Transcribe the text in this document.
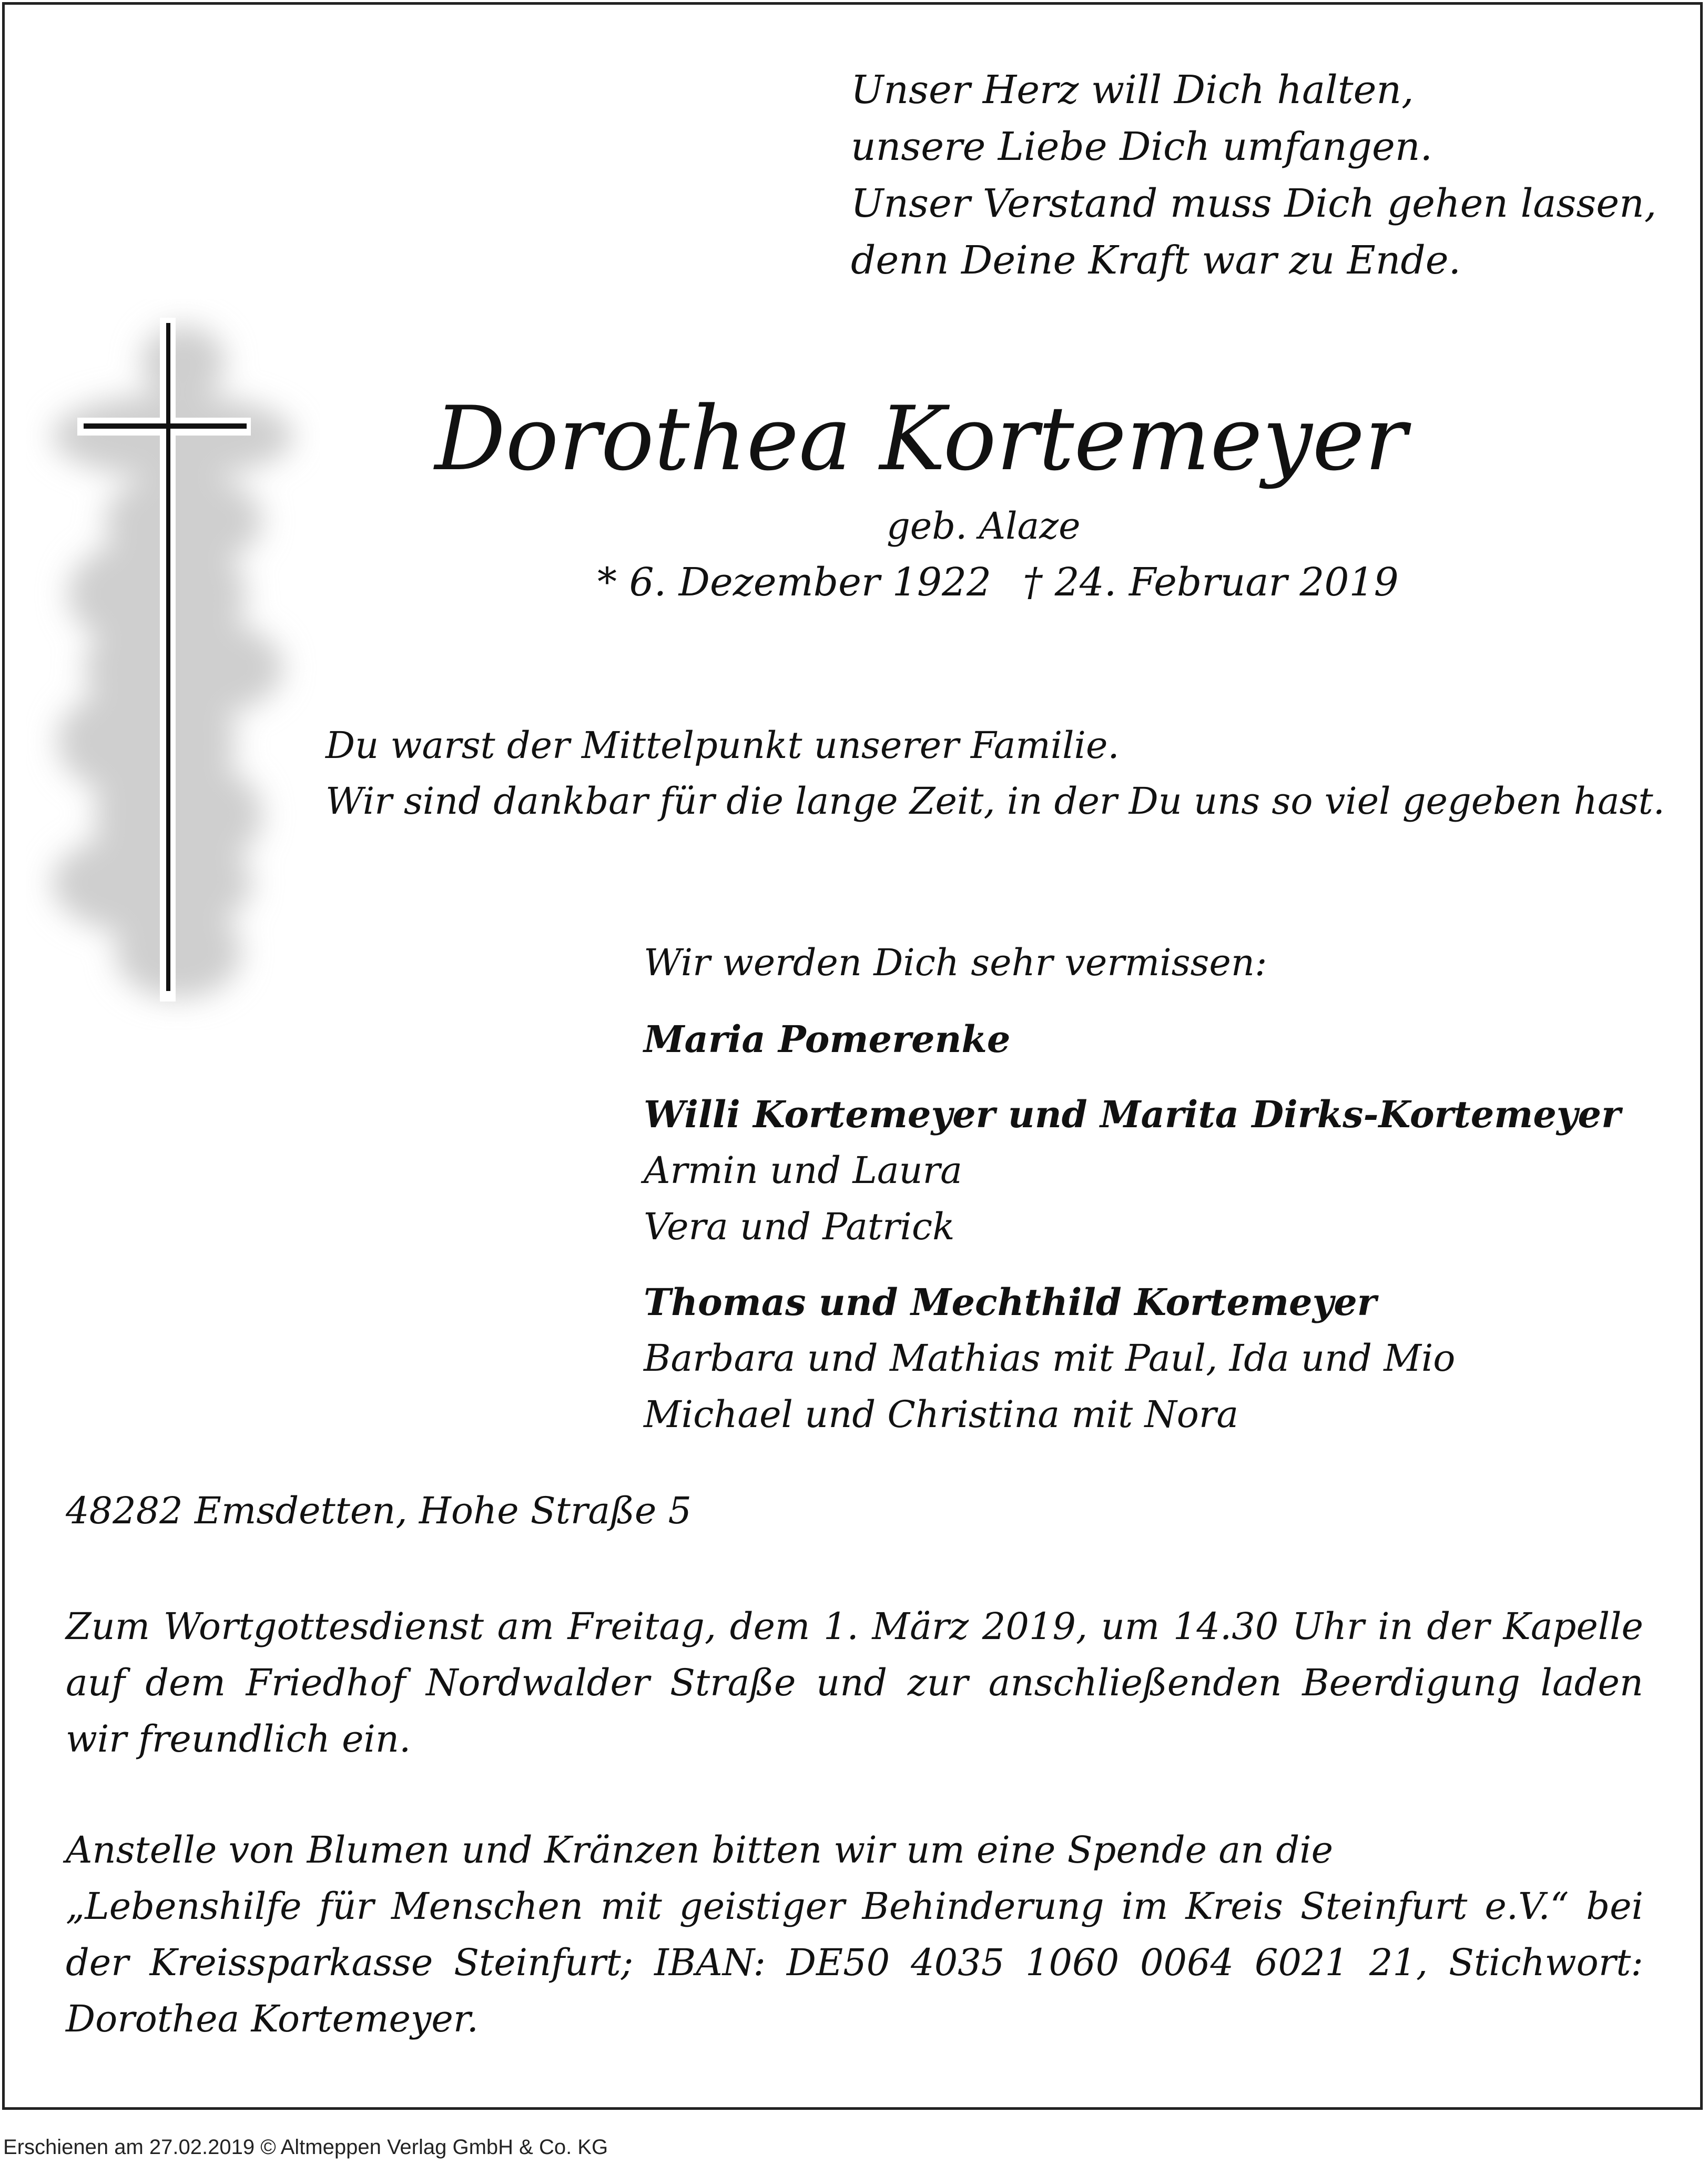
Unser Herz will Dich halten,
unsere Liebe Dich umfangen.
Unser Verstand muss Dich gehen lassen,
denn Deine Kraft war zu Ende.
Dorothea Kortemeyer
geb. Alaze
* 6. Dezember 1922 † 24. Februar 2019
Du warst der Mittelpunkt unserer Familie.
Wir sind dankbar für die lange Zeit, in der Du uns so viel gegeben hast.
Wir werden Dich sehr vermissen:
Maria Pomerenke
Willi Kortemeyer und Marita Dirks-Kortemeyer
Armin und Laura
Vera und Patrick
Thomas und Mechthild Kortemeyer
Barbara und Mathias mit Paul, Ida und Mio
Michael und Christina mit Nora
48282 Emsdetten, Hohe Straße 5
Zum Wortgottesdienst am Freitag, dem 1. März 2019, um 14.30 Uhr in der Kapelle
auf dem Friedhof Nordwalder Straße und zur anschließenden Beerdigung laden
wir freundlich ein.
Anstelle von Blumen und Kränzen bitten wir um eine Spende an die
„Lebenshilfe für Menschen mit geistiger Behinderung im Kreis Steinfurt e.V.“ bei
der Kreissparkasse Steinfurt; IBAN: DE50 4035 1060 0064 6021 21, Stichwort:
Dorothea Kortemeyer.
Erschienen am 27.02.2019 © Altmeppen Verlag GmbH & Co. KG
